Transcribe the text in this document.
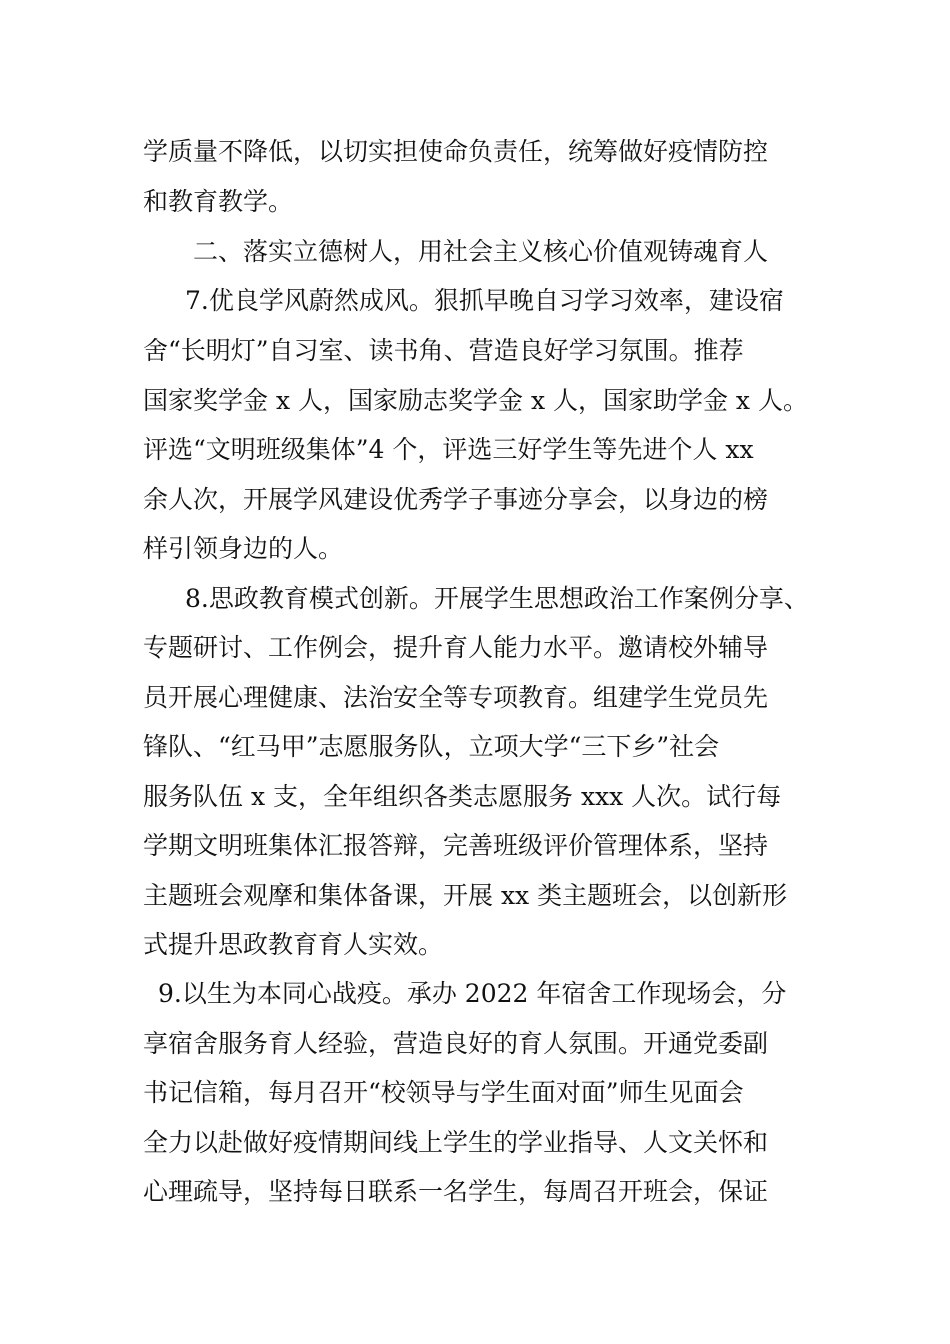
学质量不降低，以切实担使命负责任，统筹做好疫情防控
和教育教学。
二、落实立德树人，用社会主义核心价值观铸魂育人
7.优良学风蔚然成风。狠抓早晚自习学习效率，建设宿
舍“长明灯”自习室、读书角、营造良好学习氛围。推荐
国家奖学金 x 人，国家励志奖学金 x 人，国家助学金 x 人。
评选“文明班级集体”4 个，评选三好学生等先进个人 xx
余人次，开展学风建设优秀学子事迹分享会，以身边的榜
样引领身边的人。
8.思政教育模式创新。开展学生思想政治工作案例分享、
专题研讨、工作例会，提升育人能力水平。邀请校外辅导
员开展心理健康、法治安全等专项教育。组建学生党员先
锋队、“红马甲”志愿服务队，立项大学“三下乡”社会
服务队伍 x 支，全年组织各类志愿服务 xxx 人次。试行每
学期文明班集体汇报答辩，完善班级评价管理体系，坚持
主题班会观摩和集体备课，开展 xx 类主题班会，以创新形
式提升思政教育育人实效。
9.以生为本同心战疫。承办 2022 年宿舍工作现场会，分
享宿舍服务育人经验，营造良好的育人氛围。开通党委副
书记信箱，每月召开“校领导与学生面对面”师生见面会
全力以赴做好疫情期间线上学生的学业指导、人文关怀和
心理疏导，坚持每日联系一名学生，每周召开班会，保证
